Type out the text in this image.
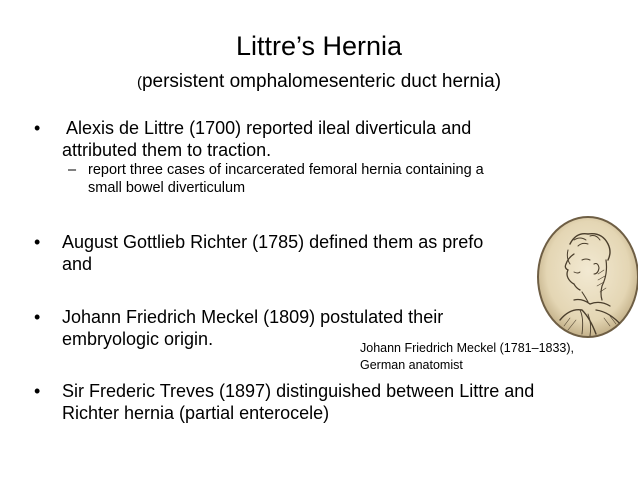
Littre’s Hernia
(persistent omphalomesenteric duct hernia)
• Alexis de Littre (1700) reported ileal diverticula and
attributed them to traction.
– report three cases of incarcerated femoral hernia containing a
small bowel diverticulum
• August Gottlieb Richter (1785) defined them as prefo
and
• Johann Friedrich Meckel (1809) postulated their
embryologic origin.
• Sir Frederic Treves (1897) distinguished between Littre and
Richter hernia (partial enterocele)
Johann Friedrich Meckel (1781–1833),
German anatomist
